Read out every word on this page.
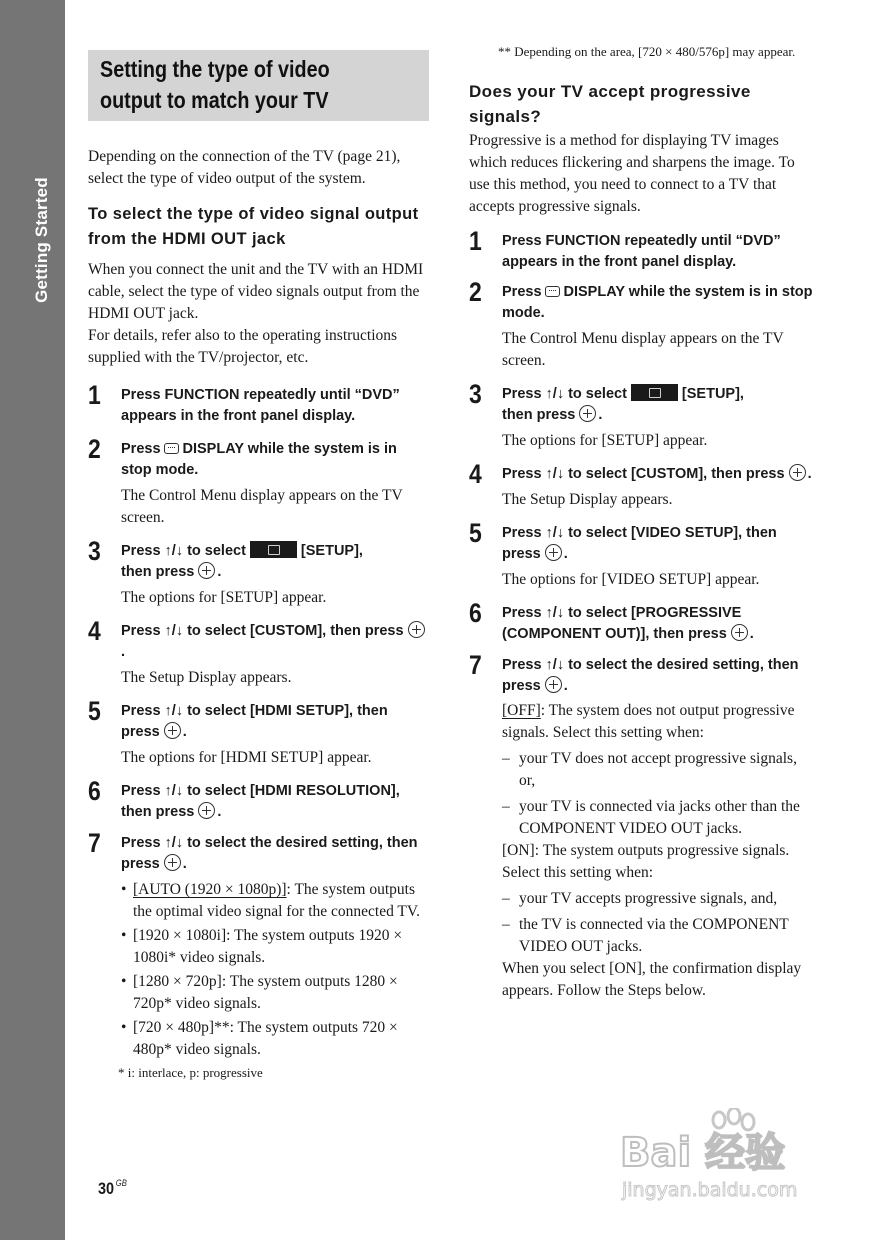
Getting Started
Setting the type of video
output to match your TV

Depending on the connection of the TV (page 21), select the type of video output of the system.

To select the type of video signal output from the HDMI OUT jack

When you connect the unit and the TV with an HDMI cable, select the type of video signals output from the HDMI OUT jack.

For details, refer also to the operating instructions supplied with the TV/projector, etc.

1 Press FUNCTION repeatedly until “DVD” appears in the front panel display.

2 Press DISPLAY while the system is in stop mode.

The Control Menu display appears on the TV screen.

3 Press ↑/↓ to select	[SETUP],
then press .

The options for [SETUP] appear.

4 Press ↑/↓ to select [CUSTOM], then press.

The Setup Display appears.

5 Press ↑/↓ to select [HDMI SETUP], then press .

The options for [HDMI SETUP] appear.

6 Press ↑/↓ to select [HDMI RESOLUTION], then press .

7 Press ↑/↓ to select the desired setting, then press .

• [AUTO (1920 × 1080p)]: The system outputs the optimal video signal for the connected TV.

• [1920 × 1080i]: The system outputs 1920 × 1080i* video signals.

• [1280 × 720p]: The system outputs 1280 × 720p* video signals.

• [720 × 480p]**: The system outputs 720 × 480p* video signals.

* i: interlace, p: progressive

** Depending on the area, [720 × 480/576p] may appear.

Does your TV accept progressive signals?

Progressive is a method for displaying TV images which reduces flickering and sharpens the image. To use this method, you need to connect to a TV that accepts progressive signals.

1 Press FUNCTION repeatedly until “DVD” appears in the front panel display.

2 Press DISPLAY while the system is in stop mode.

The Control Menu display appears on the TV screen.

3 Press ↑/↓ to select	[SETUP],
then press .

The options for [SETUP] appear.

4 Press ↑/↓ to select [CUSTOM], then press .

The Setup Display appears.

5 Press ↑/↓ to select [VIDEO SETUP], then press .

The options for [VIDEO SETUP] appear.

6 Press ↑/↓ to select [PROGRESSIVE (COMPONENT OUT)], then press .

7 Press ↑/↓ to select the desired setting, then press .

[OFF]: The system does not output progressive signals. Select this setting when:

– your TV does not accept progressive signals, or,

– your TV is connected via jacks other than the COMPONENT VIDEO OUT jacks.

[ON]: The system outputs progressive signals. Select this setting when:

– your TV accepts progressive signals, and,

– the TV is connected via the COMPONENT VIDEO OUT jacks.

When you select [ON], the confirmation display appears. Follow the Steps below.

30 $^{GB}$
Bai 经验
jingyan.baidu.com
